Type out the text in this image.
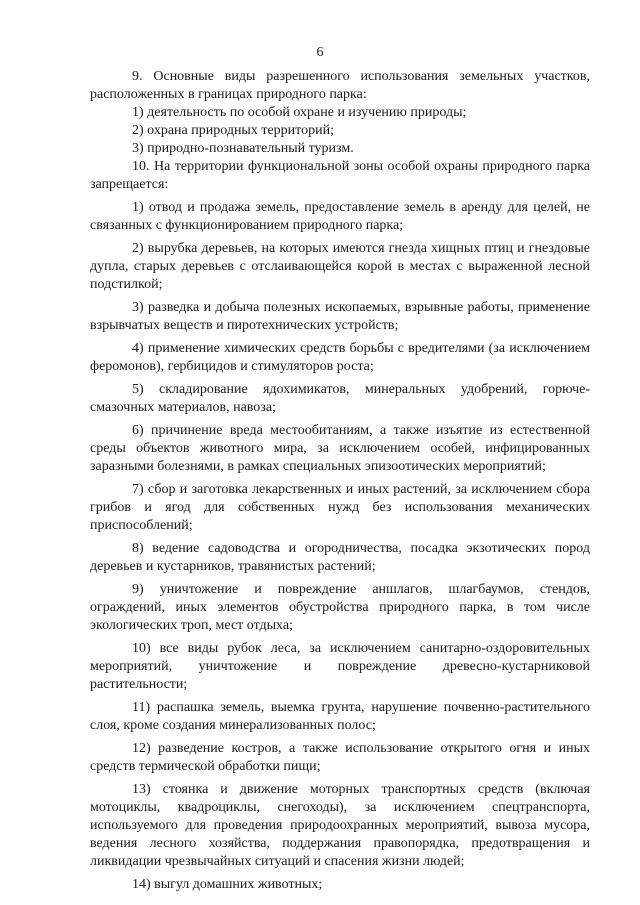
6

9. Основные виды разрешенного использования земельных участков, расположенных в границах природного парка:

1) деятельность по особой охране и изучению природы;

2) охрана природных территорий;

3) природно-познавательный туризм.

10. На территории функциональной зоны особой охраны природного парка запрещается:

1) отвод и продажа земель, предоставление земель в аренду для целей, не связанных с функционированием природного парка;

2) вырубка деревьев, на которых имеются гнезда хищных птиц и гнездовые дупла, старых деревьев с отслаивающейся корой в местах с выраженной лесной подстилкой;

3) разведка и добыча полезных ископаемых, взрывные работы, применение взрывчатых веществ и пиротехнических устройств;

4) применение химических средств борьбы с вредителями (за исключением феромонов), гербицидов и стимуляторов роста;

5) складирование ядохимикатов, минеральных удобрений, горюче-смазочных материалов, навоза;

6) причинение вреда местообитаниям, а также изъятие из естественной среды объектов животного мира, за исключением особей, инфицированных заразными болезнями, в рамках специальных эпизоотических мероприятий;

7) сбор и заготовка лекарственных и иных растений, за исключением сбора грибов и ягод для собственных нужд без использования механических приспособлений;

8) ведение садоводства и огородничества, посадка экзотических пород деревьев и кустарников, травянистых растений;

9) уничтожение и повреждение аншлагов, шлагбаумов, стендов, ограждений, иных элементов обустройства природного парка, в том числе экологических троп, мест отдыха;

10) все виды рубок леса, за исключением санитарно-оздоровительных мероприятий, уничтожение и повреждение древесно-кустарниковой растительности;

11) распашка земель, выемка грунта, нарушение почвенно-растительного слоя, кроме создания минерализованных полос;

12) разведение костров, а также использование открытого огня и иных средств термической обработки пищи;

13) стоянка и движение моторных транспортных средств (включая мотоциклы, квадроциклы, снегоходы), за исключением спецтранспорта, используемого для проведения природоохранных мероприятий, вывоза мусора, ведения лесного хозяйства, поддержания правопорядка, предотвращения и ликвидации чрезвычайных ситуаций и спасения жизни людей;

14) выгул домашних животных;
